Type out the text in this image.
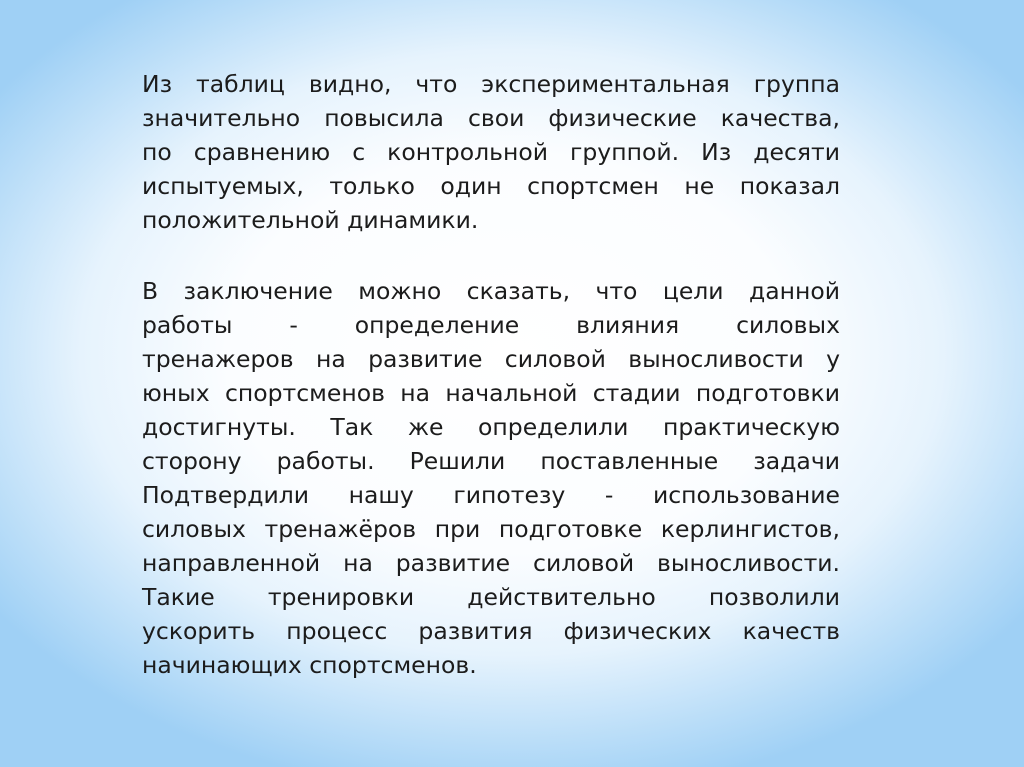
Из таблиц видно, что экспериментальная группа
значительно повысила свои физические качества,
по сравнению с контрольной группой. Из десяти
испытуемых, только один спортсмен не показал
положительной динамики.
В заключение можно сказать, что цели данной
работы - определение влияния силовых
тренажеров на развитие силовой выносливости у
юных спортсменов на начальной стадии подготовки
достигнуты. Так же определили практическую
сторону работы. Решили поставленные задачи
Подтвердили нашу гипотезу - использование
силовых тренажёров при подготовке керлингистов,
направленной на развитие силовой выносливости.
Такие тренировки действительно позволили
ускорить процесс развития физических качеств
начинающих спортсменов.
